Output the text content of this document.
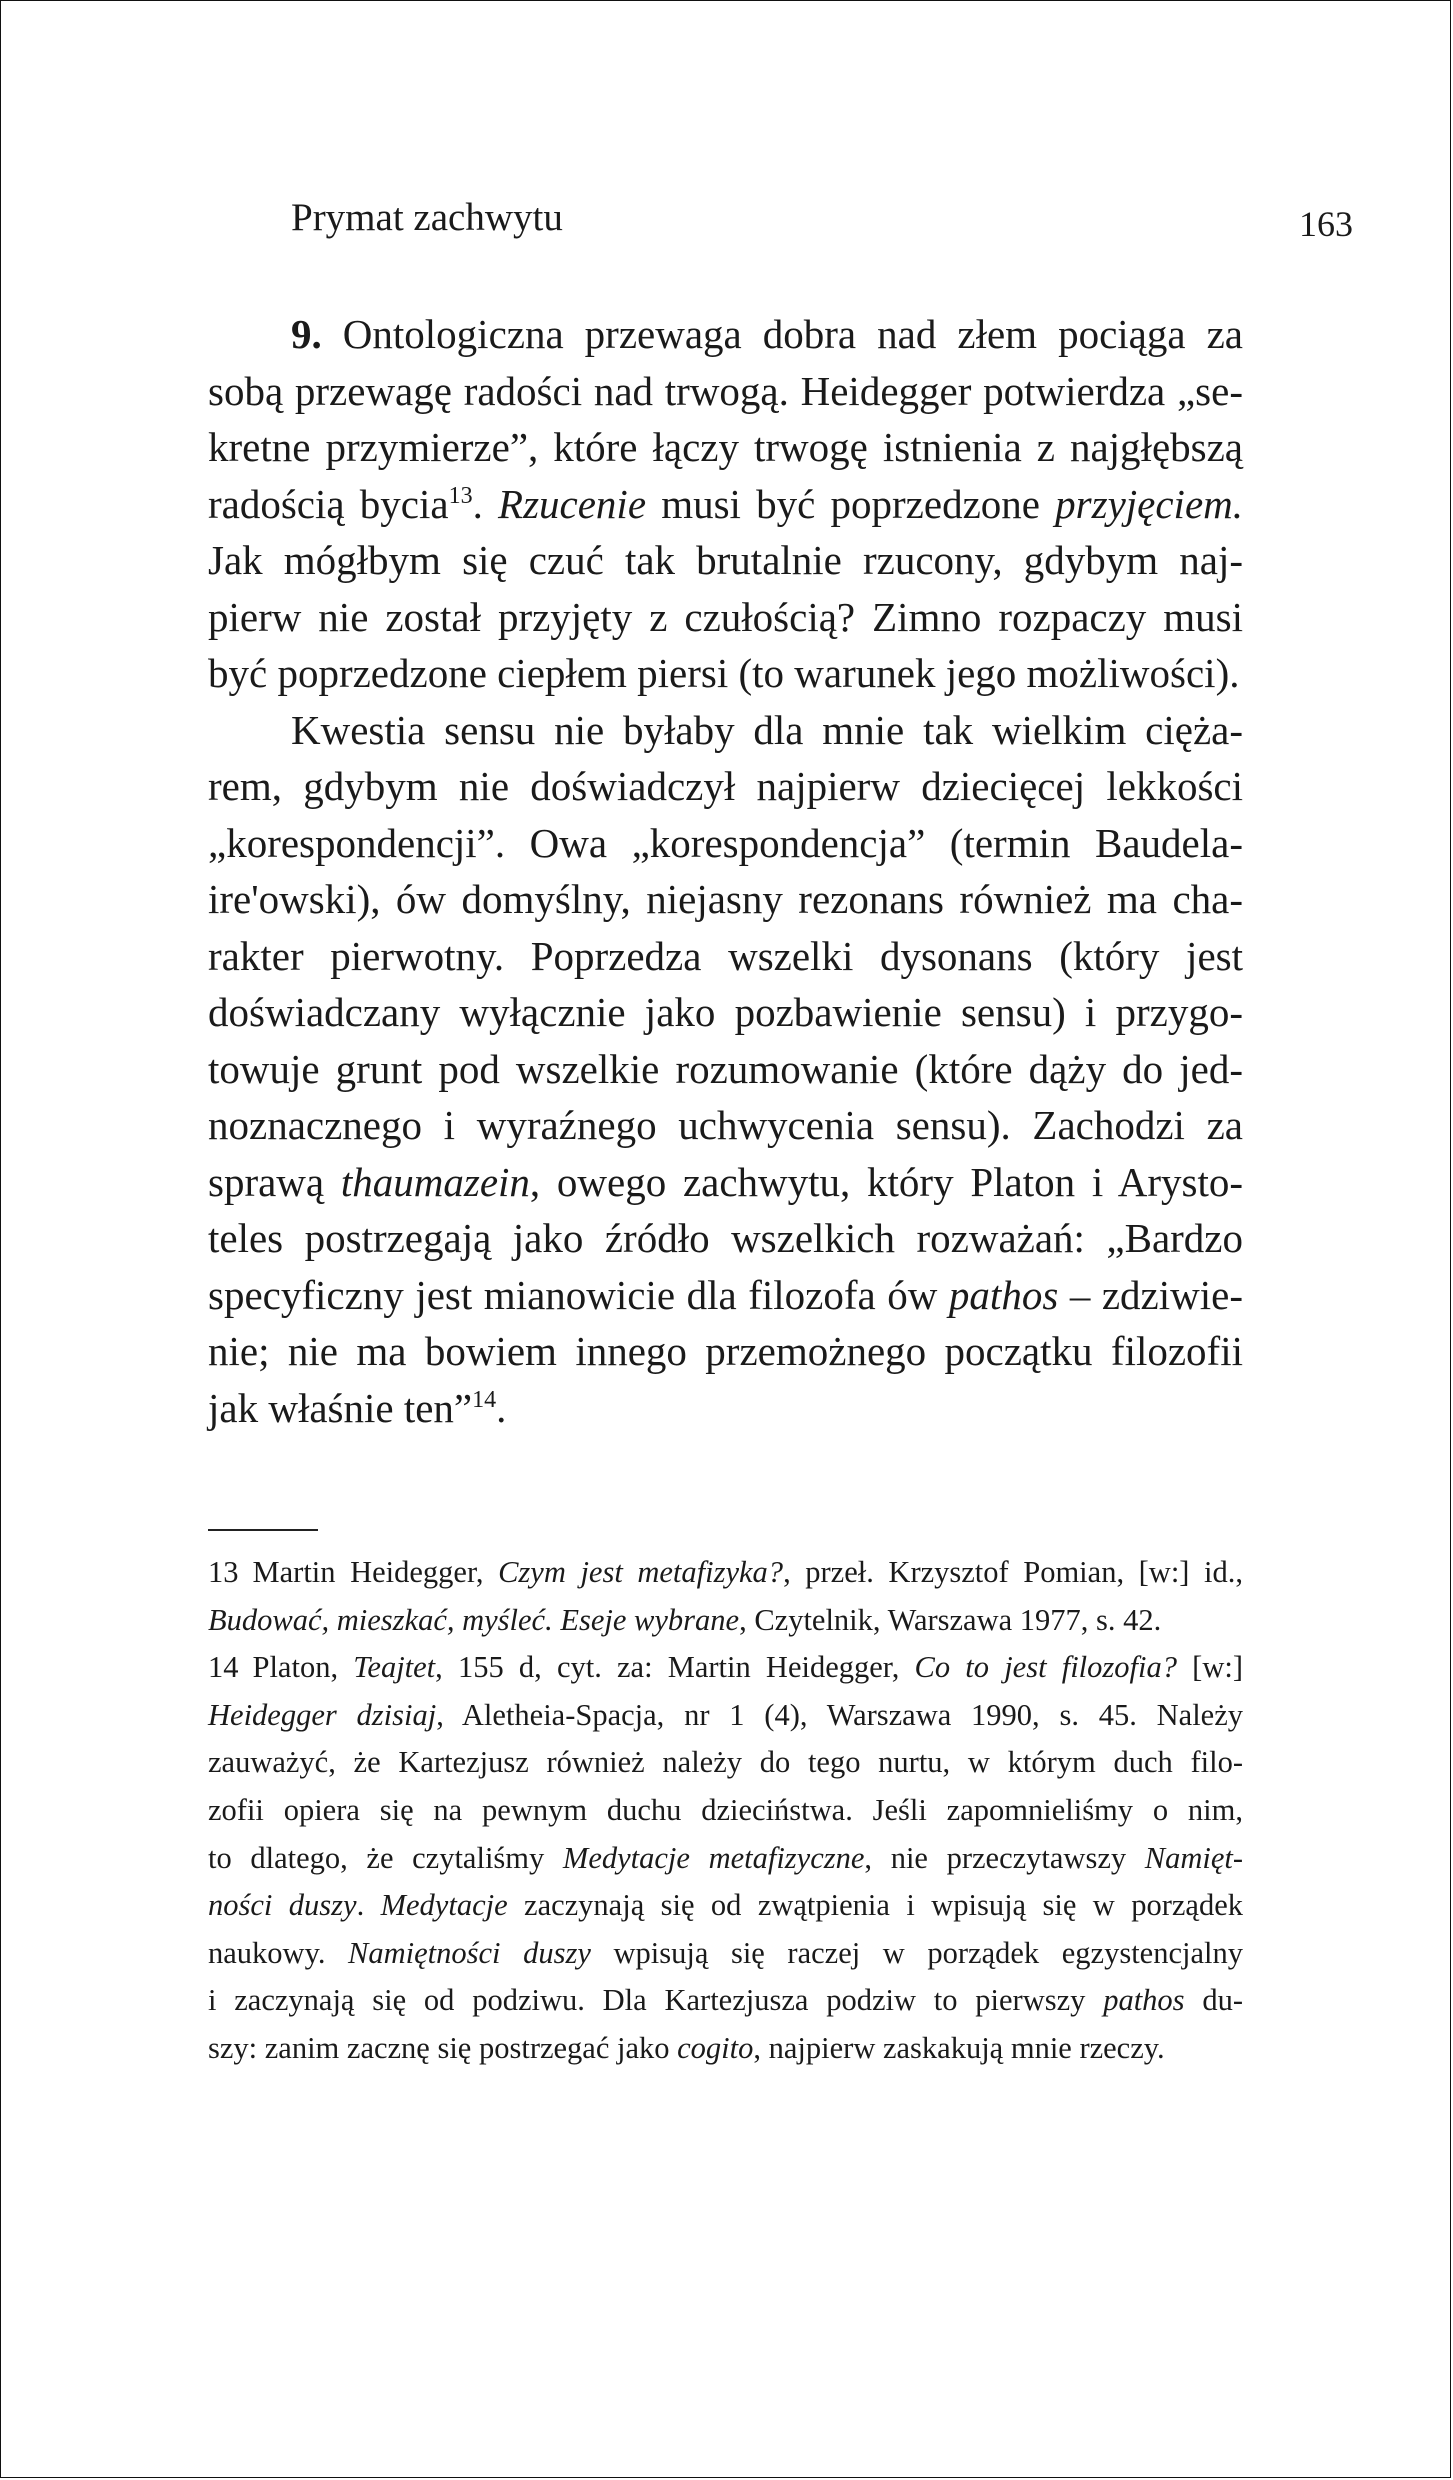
Prymat zachwytu	163
9. Ontologiczna przewaga dobra nad złem pociąga za
sobą przewagę radości nad trwogą. Heidegger potwierdza „se-
kretne przymierze”, które łączy trwogę istnienia z najgłębszą
radością bycia$^{13}$. Rzucenie musi być poprzedzone przyjęciem.
Jak mógłbym się czuć tak brutalnie rzucony, gdybym naj-
pierw nie został przyjęty z czułością? Zimno rozpaczy musi
być poprzedzone ciepłem piersi (to warunek jego możliwości).
Kwestia sensu nie byłaby dla mnie tak wielkim cięża-
rem, gdybym nie doświadczył najpierw dziecięcej lekkości
„korespondencji”. Owa „korespondencja” (termin Baudela-
ire'owski), ów domyślny, niejasny rezonans również ma cha-
rakter pierwotny. Poprzedza wszelki dysonans (który jest
doświadczany wyłącznie jako pozbawienie sensu) i przygo-
towuje grunt pod wszelkie rozumowanie (które dąży do jed-
noznacznego i wyraźnego uchwycenia sensu). Zachodzi za
sprawą thaumazein, owego zachwytu, który Platon i Arysto-
teles postrzegają jako źródło wszelkich rozważań: „Bardzo
specyficzny jest mianowicie dla filozofa ów pathos – zdziwie-
nie; nie ma bowiem innego przemożnego początku filozofii
jak właśnie ten”$^{14}$.
13 Martin Heidegger, Czym jest metafizyka?, przeł. Krzysztof Pomian, [w:] id.,
Budować, mieszkać, myśleć. Eseje wybrane, Czytelnik, Warszawa 1977, s. 42.
14 Platon, Teajtet, 155 d, cyt. za: Martin Heidegger, Co to jest filozofia? [w:]
Heidegger dzisiaj, Aletheia-Spacja, nr 1 (4), Warszawa 1990, s. 45. Należy
zauważyć, że Kartezjusz również należy do tego nurtu, w którym duch filo-
zofii opiera się na pewnym duchu dzieciństwa. Jeśli zapomnieliśmy o nim,
to dlatego, że czytaliśmy Medytacje metafizyczne, nie przeczytawszy Namięt-
ności duszy. Medytacje zaczynają się od zwątpienia i wpisują się w porządek
naukowy. Namiętności duszy wpisują się raczej w porządek egzystencjalny
i zaczynają się od podziwu. Dla Kartezjusza podziw to pierwszy pathos du-
szy: zanim zacznę się postrzegać jako cogito, najpierw zaskakują mnie rzeczy.
